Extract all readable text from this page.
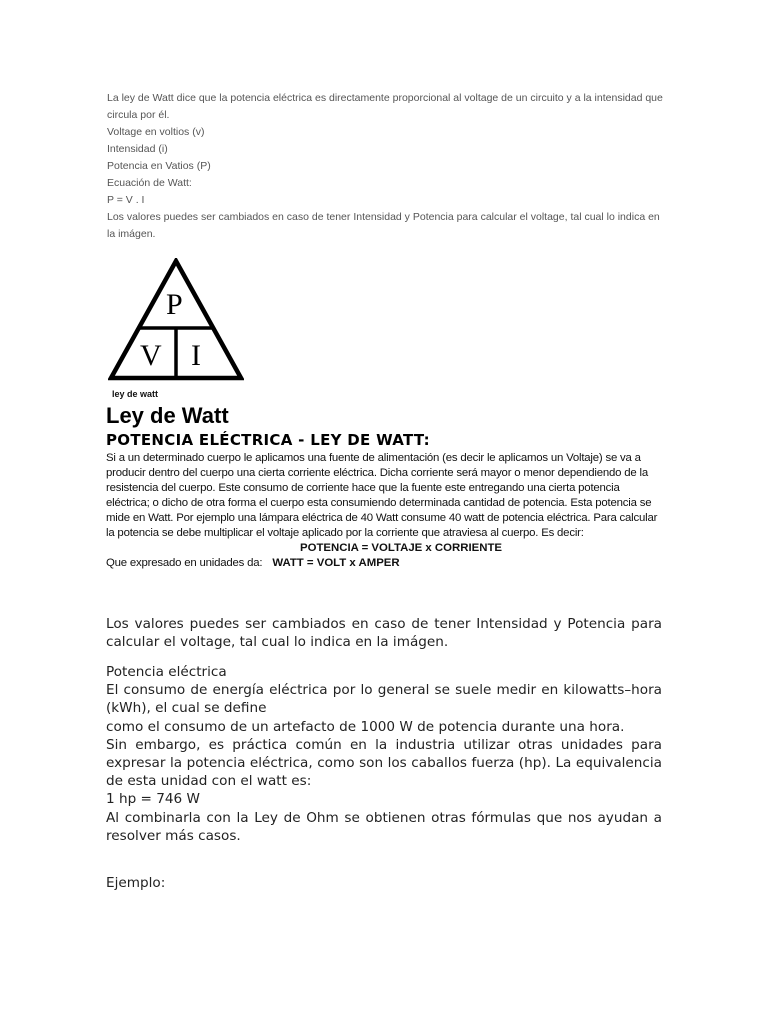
La ley de Watt dice que la potencia eléctrica es directamente proporcional al voltage de un circuito y a la intensidad que circula por él.

Voltage en voltios (v)

Intensidad (i)

Potencia en Vatios (P)

Ecuación de Watt:

P = V . I

Los valores puedes ser cambiados en caso de tener Intensidad y Potencia para calcular el voltage, tal cual lo indica en la imágen.

P
V I
ley de watt
Ley de Watt
POTENCIA ELÉCTRICA - LEY DE WATT:

Si a un determinado cuerpo le aplicamos una fuente de alimentación (es decir le aplicamos un Voltaje) se va a producir dentro del cuerpo una cierta corriente eléctrica. Dicha corriente será mayor o menor dependiendo de la resistencia del cuerpo. Este consumo de corriente hace que la fuente este entregando una cierta potencia eléctrica; o dicho de otra forma el cuerpo esta consumiendo determinada cantidad de potencia. Esta potencia se mide en Watt. Por ejemplo una lámpara eléctrica de 40 Watt consume 40 watt de potencia eléctrica. Para calcular la potencia se debe multiplicar el voltaje aplicado por la corriente que atraviesa al cuerpo. Es decir:

POTENCIA = VOLTAJE x CORRIENTE

Que expresado en unidades da: WATT = VOLT x AMPER

Los valores puedes ser cambiados en caso de tener Intensidad y Potencia para calcular el voltage, tal cual lo indica en la imágen.

Potencia eléctrica

El consumo de energía eléctrica por lo general se suele medir en kilowatts–hora (kWh), el cual se define

como el consumo de un artefacto de 1000 W de potencia durante una hora.

Sin embargo, es práctica común en la industria utilizar otras unidades para expresar la potencia eléctrica, como son los caballos fuerza (hp). La equivalencia de esta unidad con el watt es:

1 hp = 746 W

Al combinarla con la Ley de Ohm se obtienen otras fórmulas que nos ayudan a resolver más casos.

Ejemplo:
